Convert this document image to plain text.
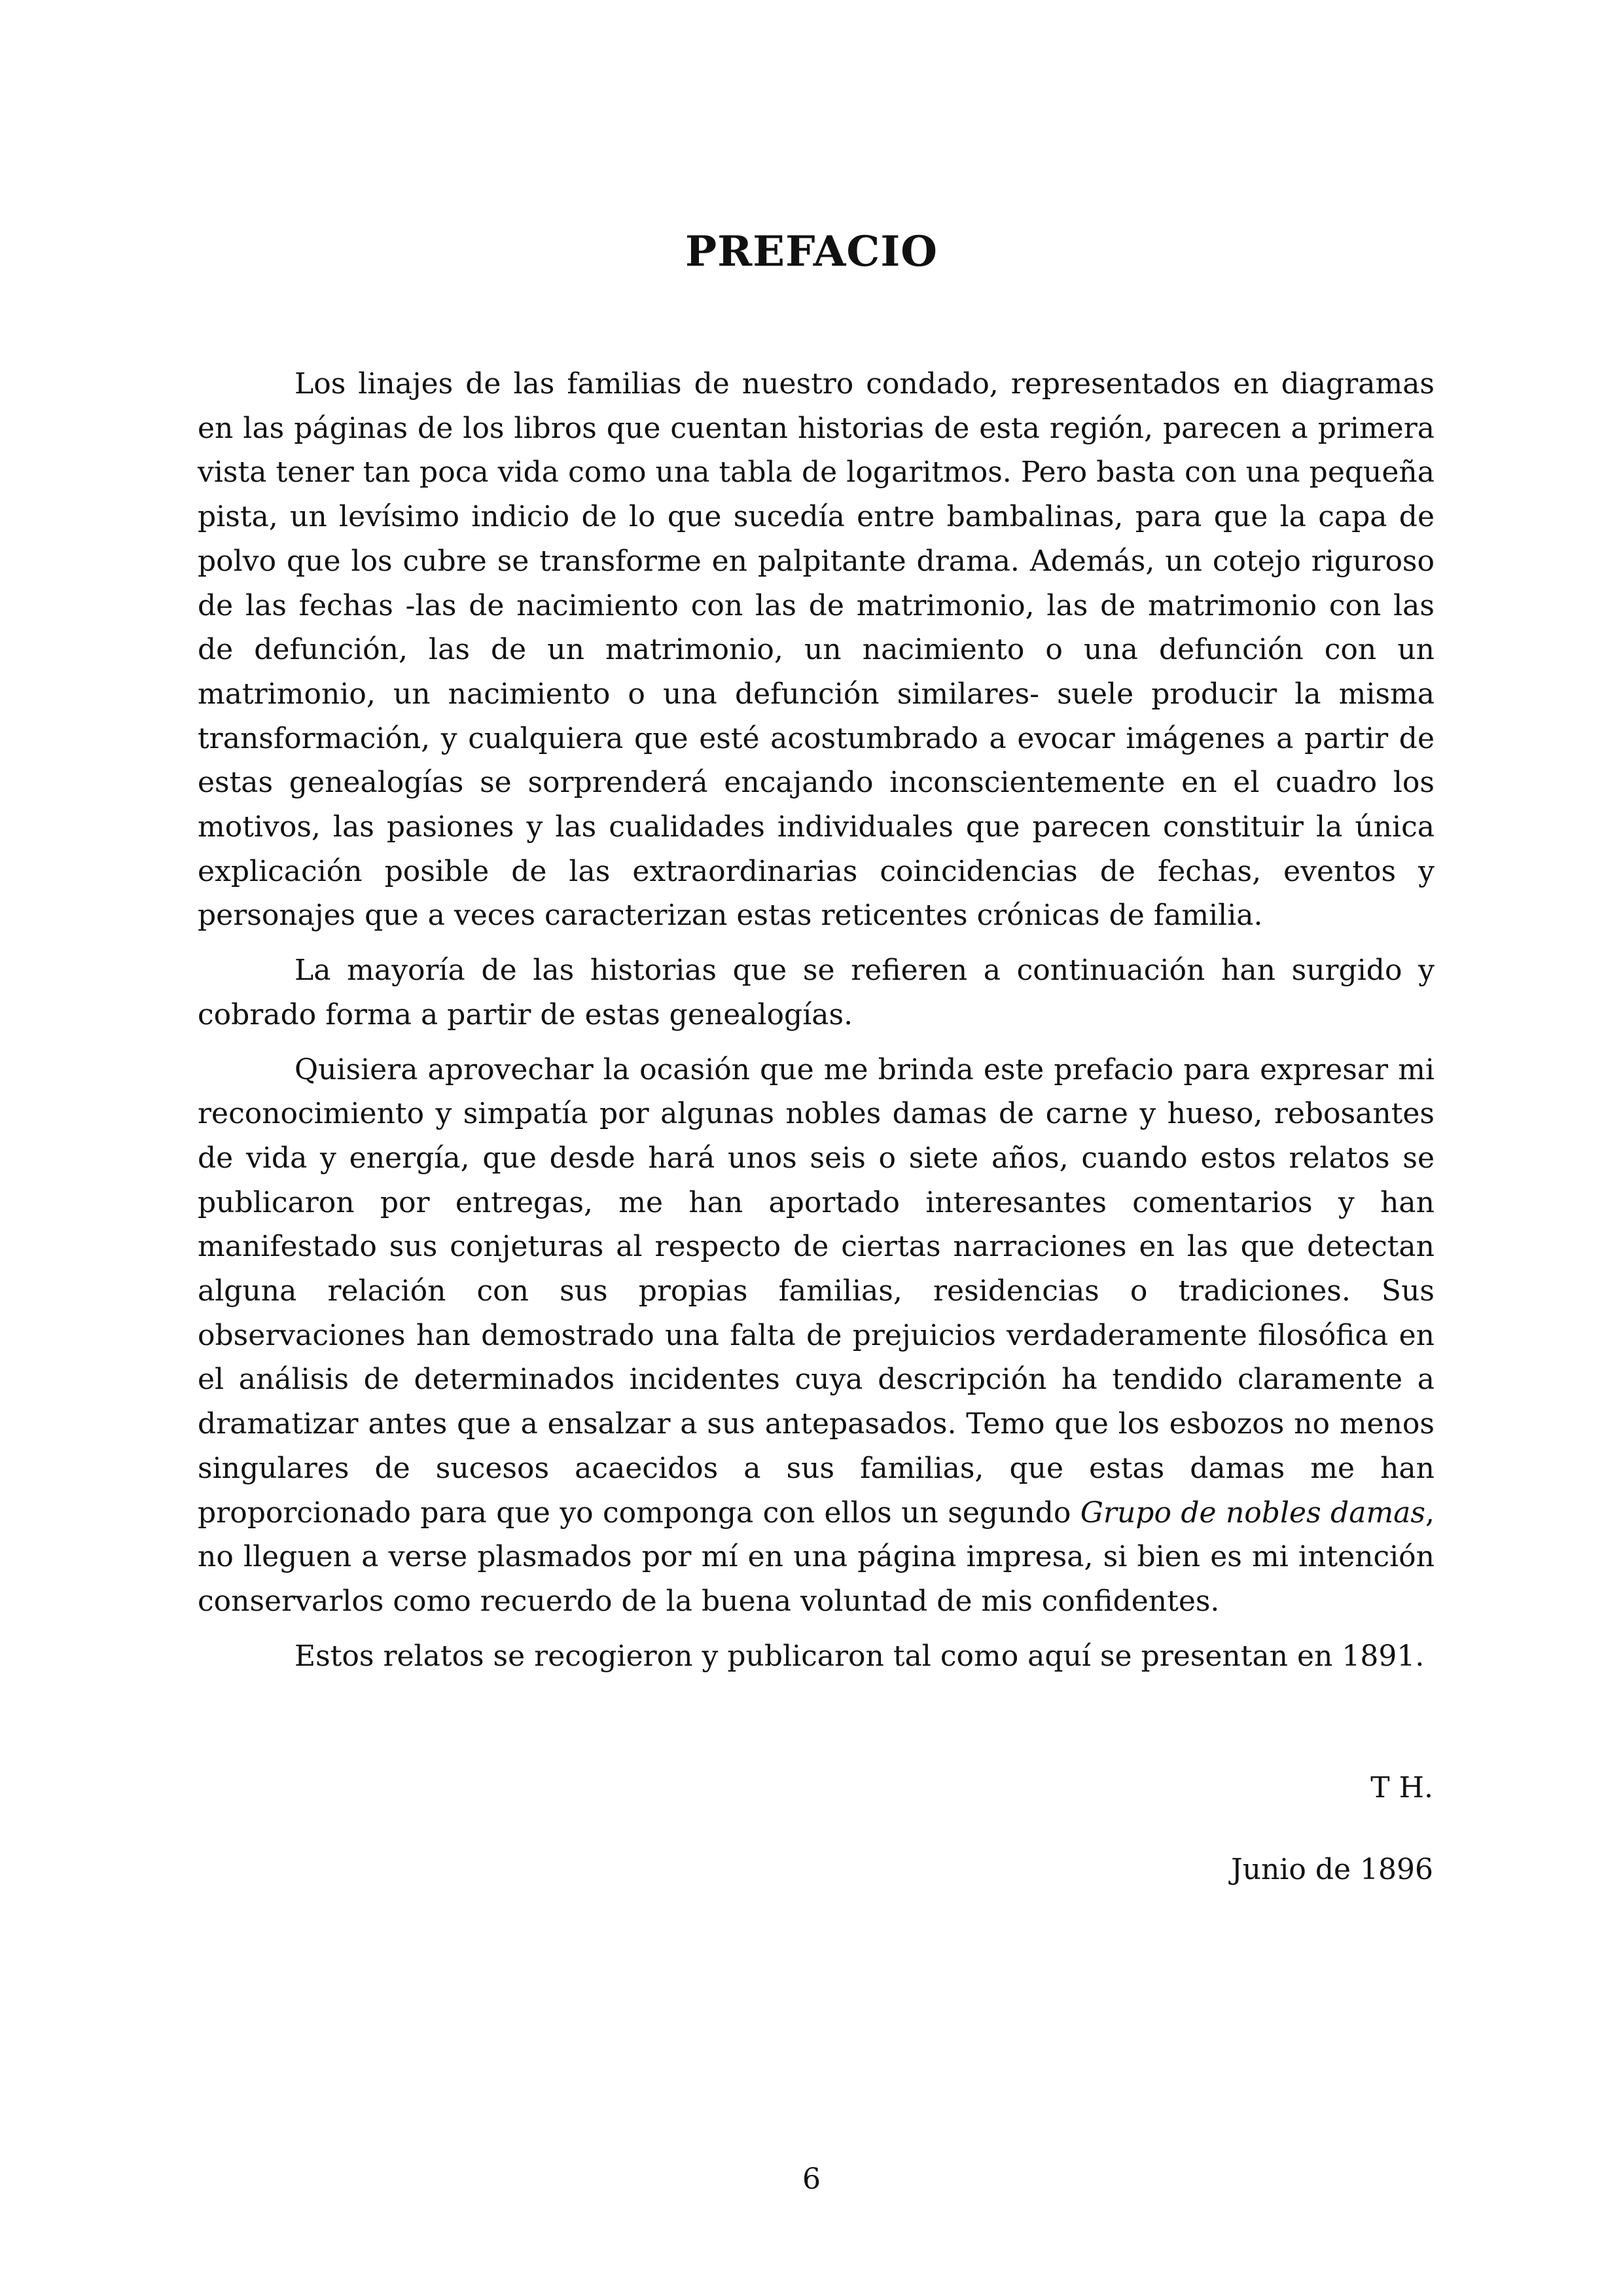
PREFACIO

Los linajes de las familias de nuestro condado, representados en diagramas en las páginas de los libros que cuentan historias de esta región, parecen a primera vista tener tan poca vida como una tabla de logaritmos. Pero basta con una pequeña pista, un levísimo indicio de lo que sucedía entre bambalinas, para que la capa de polvo que los cubre se transforme en palpitante drama. Además, un cotejo riguroso de las fechas -las de nacimiento con las de matrimonio, las de matrimonio con las de defunción, las de un matrimonio, un nacimiento o una defunción con un matrimonio, un nacimiento o una defunción similares- suele producir la misma transformación, y cualquiera que esté acostumbrado a evocar imágenes a partir de estas genealogías se sorprenderá encajando inconscientemente en el cuadro los motivos, las pasiones y las cualidades individuales que parecen constituir la única explicación posible de las extraordinarias coincidencias de fechas, eventos y personajes que a veces caracterizan estas reticentes crónicas de familia.

La mayoría de las historias que se refieren a continuación han surgido y cobrado forma a partir de estas genealogías.

Quisiera aprovechar la ocasión que me brinda este prefacio para expresar mi reconocimiento y simpatía por algunas nobles damas de carne y hueso, rebosantes de vida y energía, que desde hará unos seis o siete años, cuando estos relatos se publicaron por entregas, me han aportado interesantes comentarios y han manifestado sus conjeturas al respecto de ciertas narraciones en las que detectan alguna relación con sus propias familias, residencias o tradiciones. Sus observaciones han demostrado una falta de prejuicios verdaderamente filosófica en el análisis de determinados incidentes cuya descripción ha tendido claramente a dramatizar antes que a ensalzar a sus antepasados. Temo que los esbozos no menos singulares de sucesos acaecidos a sus familias, que estas damas me han proporcionado para que yo componga con ellos un segundo Grupo de nobles damas, no lleguen a verse plasmados por mí en una página impresa, si bien es mi intención conservarlos como recuerdo de la buena voluntad de mis confidentes.

Estos relatos se recogieron y publicaron tal como aquí se presentan en 1891.

T H.
Junio de 1896
6
